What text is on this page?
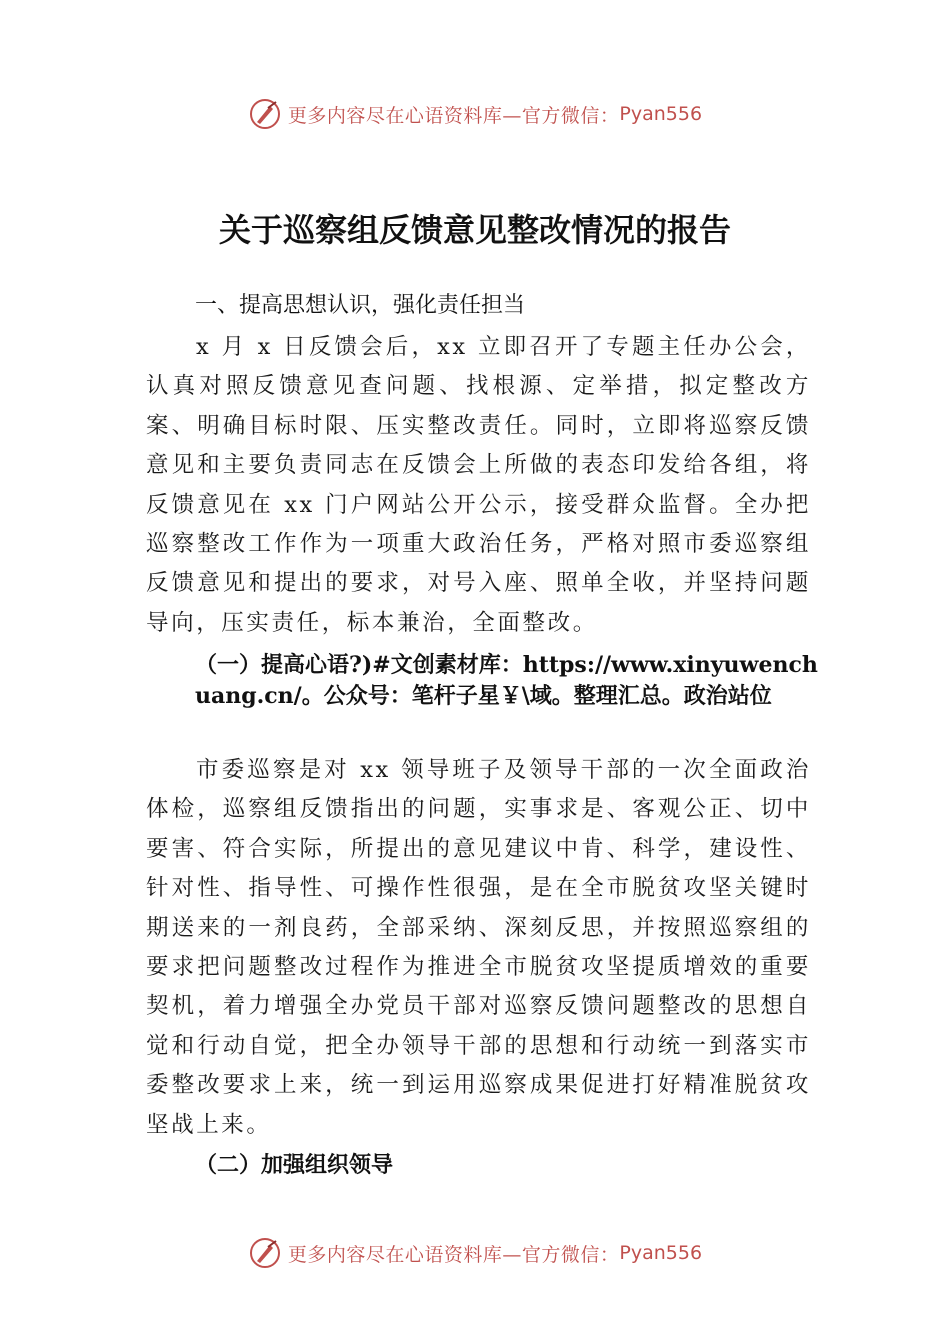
更多内容尽在心语资料库—官方微信： Pyan556
关于巡察组反馈意见整改情况的报告
一、提高思想认识，强化责任担当

x 月 x 日反馈会后，xx 立即召开了专题主任办公会，认真对照反馈意见查问题、找根源、定举措，拟定整改方案、明确目标时限、压实整改责任。同时，立即将巡察反馈意见和主要负责同志在反馈会上所做的表态印发给各组，将反馈意见在 xx 门户网站公开公示，接受群众监督。全办把巡察整改工作作为一项重大政治任务，严格对照市委巡察组反馈意见和提出的要求，对号入座、照单全收，并坚持问题导向，压实责任，标本兼治，全面整改。

（一）提高心语?)#文创素材库：https://www.xinyuwenchuang.cn/。公众号：笔杆子星￥\域。整理汇总。政治站位

市委巡察是对 xx 领导班子及领导干部的一次全面政治体检，巡察组反馈指出的问题，实事求是、客观公正、切中要害、符合实际，所提出的意见建议中肯、科学，建设性、针对性、指导性、可操作性很强，是在全市脱贫攻坚关键时期送来的一剂良药，全部采纳、深刻反思，并按照巡察组的要求把问题整改过程作为推进全市脱贫攻坚提质增效的重要契机，着力增强全办党员干部对巡察反馈问题整改的思想自觉和行动自觉，把全办领导干部的思想和行动统一到落实市委整改要求上来，统一到运用巡察成果促进打好精准脱贫攻坚战上来。

（二）加强组织领导

更多内容尽在心语资料库—官方微信： Pyan556
